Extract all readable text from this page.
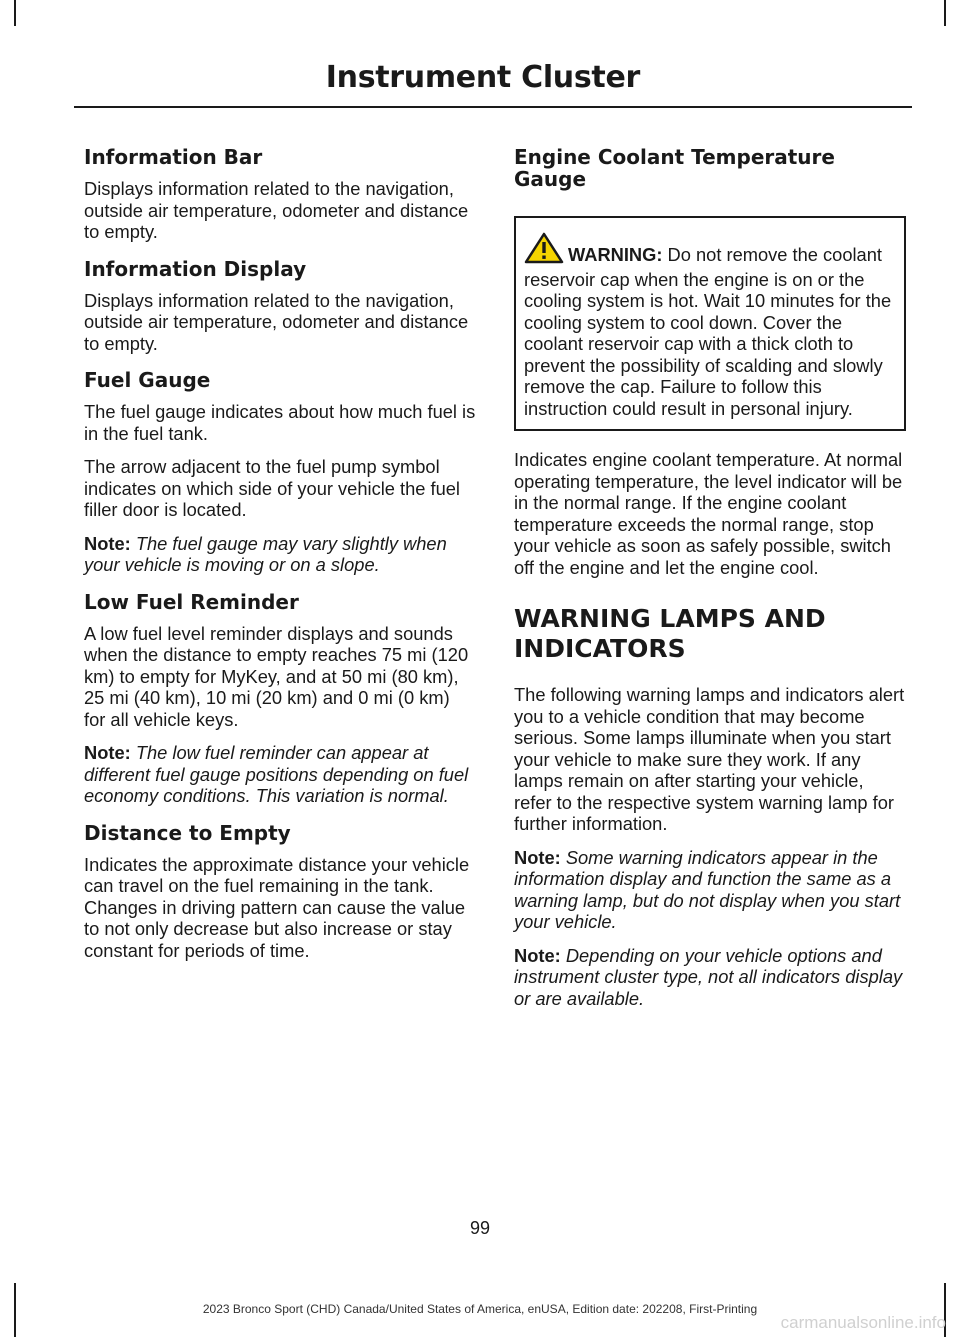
Instrument Cluster
Information Bar

Displays information related to the navigation, outside air temperature, odometer and distance to empty.

Information Display

Displays information related to the navigation, outside air temperature, odometer and distance to empty.

Fuel Gauge

The fuel gauge indicates about how much fuel is in the fuel tank.

The arrow adjacent to the fuel pump symbol indicates on which side of your vehicle the fuel filler door is located.

Note: The fuel gauge may vary slightly when your vehicle is moving or on a slope.

Low Fuel Reminder

A low fuel level reminder displays and sounds when the distance to empty reaches 75 mi (120 km) to empty for MyKey, and at 50 mi (80 km), 25 mi (40 km), 10 mi (20 km) and 0 mi (0 km) for all vehicle keys.

Note: The low fuel reminder can appear at different fuel gauge positions depending on fuel economy conditions. This variation is normal.

Distance to Empty

Indicates the approximate distance your vehicle can travel on the fuel remaining in the tank. Changes in driving pattern can cause the value to not only decrease but also increase or stay constant for periods of time.

Engine Coolant Temperature Gauge

WARNING: Do not remove the coolant reservoir cap when the engine is on or the cooling system is hot. Wait 10 minutes for the cooling system to cool down. Cover the coolant reservoir cap with a thick cloth to prevent the possibility of scalding and slowly remove the cap. Failure to follow this instruction could result in personal injury.

Indicates engine coolant temperature. At normal operating temperature, the level indicator will be in the normal range. If the engine coolant temperature exceeds the normal range, stop your vehicle as soon as safely possible, switch off the engine and let the engine cool.

WARNING LAMPS AND INDICATORS

The following warning lamps and indicators alert you to a vehicle condition that may become serious. Some lamps illuminate when you start your vehicle to make sure they work. If any lamps remain on after starting your vehicle, refer to the respective system warning lamp for further information.

Note: Some warning indicators appear in the information display and function the same as a warning lamp, but do not display when you start your vehicle.

Note: Depending on your vehicle options and instrument cluster type, not all indicators display or are available.

99
2023 Bronco Sport (CHD) Canada/United States of America, enUSA, Edition date: 202208, First-Printing
carmanualsonline.info
